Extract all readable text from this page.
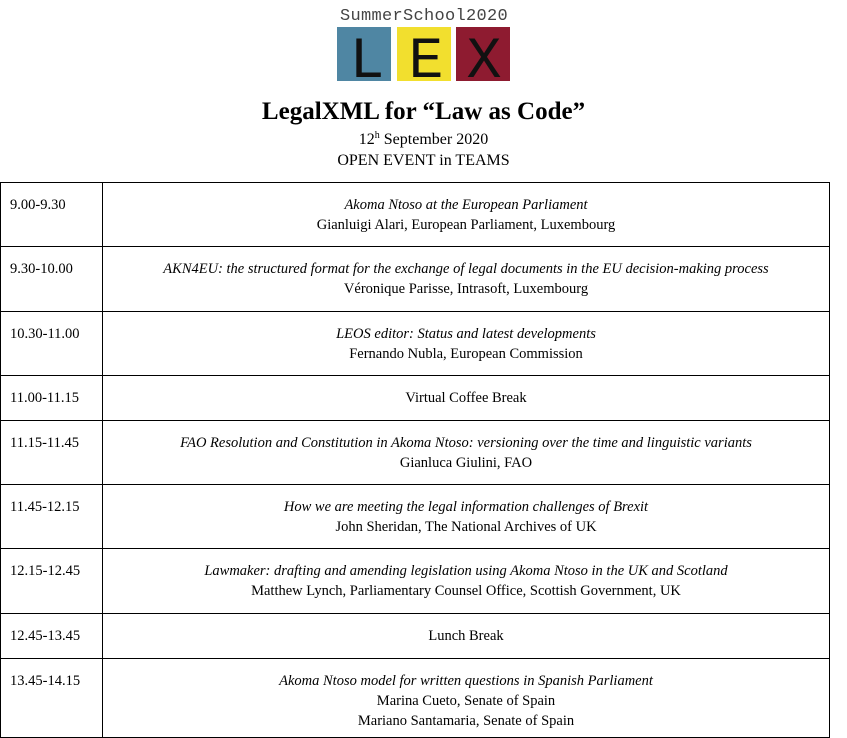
SummerSchool2020
L E X
LegalXML for “Law as Code”
12$^h$ September 2020
OPEN EVENT in TEAMS
9.00-9.30	Akoma Ntoso at the European Parliament
Gianluigi Alari, European Parliament, Luxembourg

9.30-10.00	AKN4EU: the structured format for the exchange of legal documents in the EU decision-making process
Véronique Parisse, Intrasoft, Luxembourg

10.30-11.00	LEOS editor: Status and latest developments
Fernando Nubla, European Commission

11.00-11.15	Virtual Coffee Break

11.15-11.45	FAO Resolution and Constitution in Akoma Ntoso: versioning over the time and linguistic variants
Gianluca Giulini, FAO

11.45-12.15	How we are meeting the legal information challenges of Brexit
John Sheridan, The National Archives of UK

12.15-12.45	Lawmaker: drafting and amending legislation using Akoma Ntoso in the UK and Scotland
Matthew Lynch, Parliamentary Counsel Office, Scottish Government, UK

12.45-13.45	Lunch Break

13.45-14.15	Akoma Ntoso model for written questions in Spanish Parliament
Marina Cueto, Senate of Spain
Mariano Santamaria, Senate of Spain
